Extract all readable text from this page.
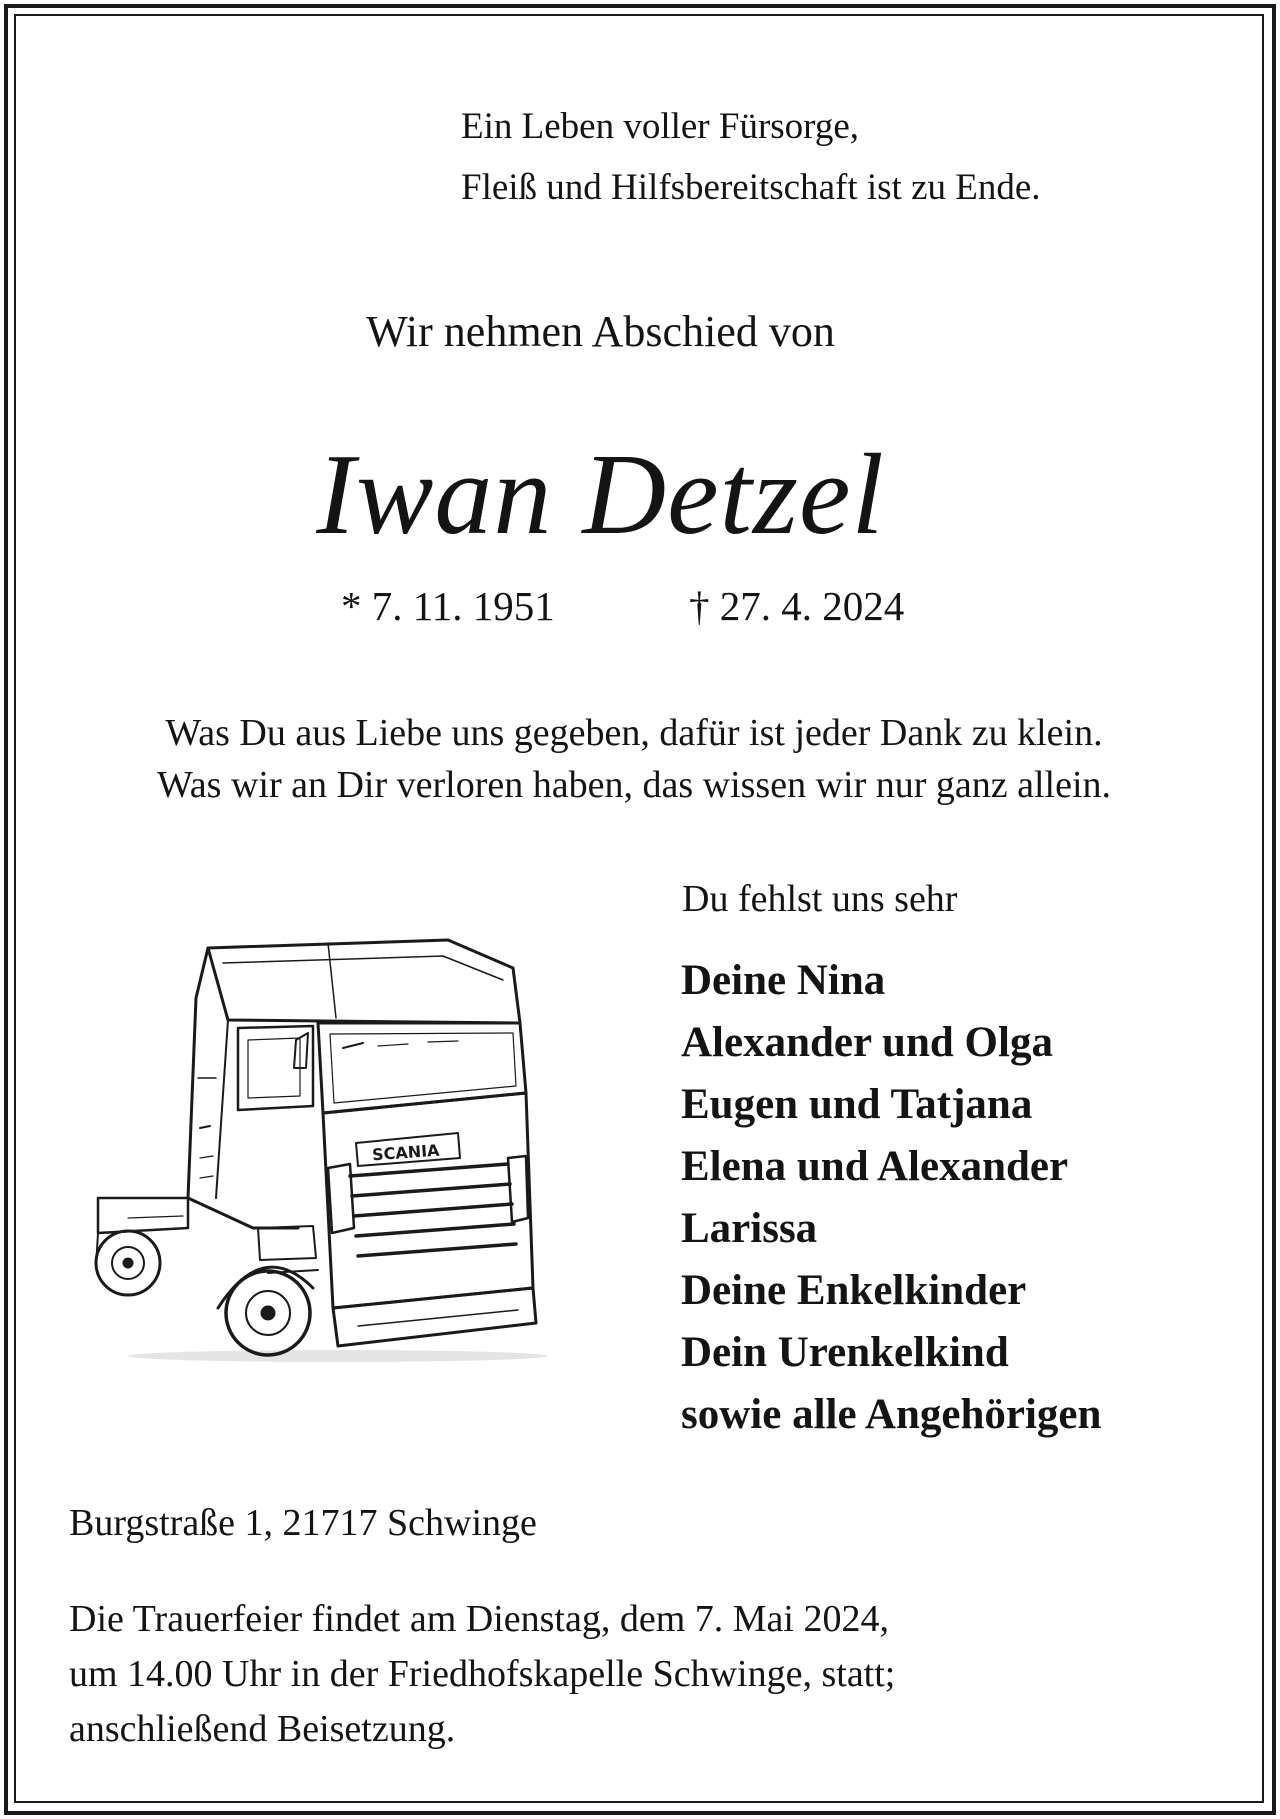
Ein Leben voller Fürsorge,
Fleiß und Hilfsbereitschaft ist zu Ende.
Wir nehmen Abschied von
Iwan Detzel
* 7. 11. 1951	† 27. 4. 2024
Was Du aus Liebe uns gegeben, dafür ist jeder Dank zu klein.
Was wir an Dir verloren haben, das wissen wir nur ganz allein.
Du fehlst uns sehr
Deine Nina
Alexander und Olga
Eugen und Tatjana
Elena und Alexander
Larissa
Deine Enkelkinder
Dein Urenkelkind
sowie alle Angehörigen
SCANIA
Burgstraße 1, 21717 Schwinge
Die Trauerfeier findet am Dienstag, dem 7. Mai 2024,
um 14.00 Uhr in der Friedhofskapelle Schwinge, statt;
anschließend Beisetzung.
